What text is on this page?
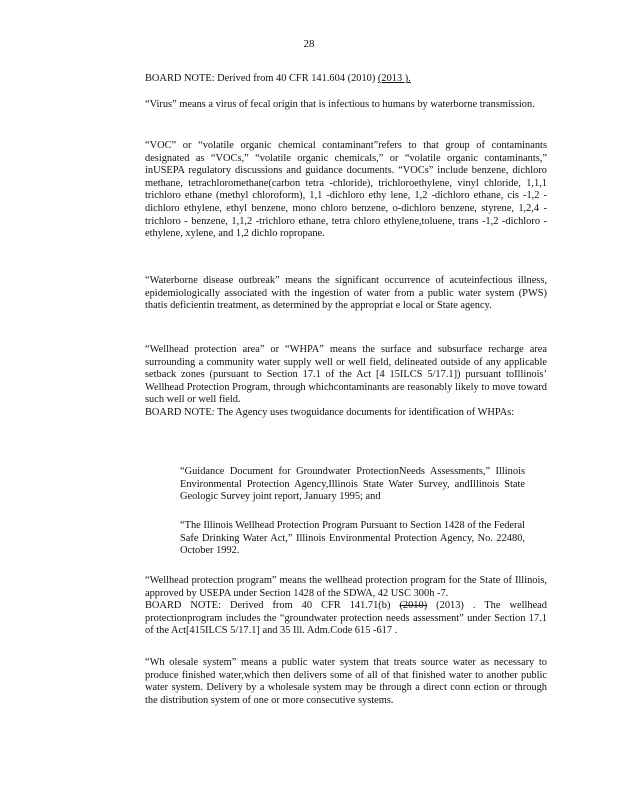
28

BOARD NOTE: Derived from 40 CFR 141.604 (2010) (2013 ).

“Virus” means a virus of fecal origin that is infectious to humans by waterborne transmission.

“VOC” or “volatile organic chemical contaminant”refers to that group of contaminants designated as “VOCs,” “volatile organic chemicals,” or “volatile organic contaminants,” inUSEPA regulatory discussions and guidance documents. “VOCs” include benzene, dichloro methane, tetrachloromethane(carbon tetra -chloride), trichloroethylene, vinyl chloride, 1,1,1 trichloro ethane (methyl chloroform), 1,1 -dichloro ethy lene, 1,2 -dichloro ethane, cis -1,2 -dichloro ethylene, ethyl benzene, mono chloro benzene, o-dichloro benzene, styrene, 1,2,4 -trichloro - benzene, 1,1,2 -trichloro ethane, tetra chloro ethylene,toluene, trans -1,2 -dichloro - ethylene, xylene, and 1,2 dichlo ropropane.

“Waterborne disease outbreak” means the significant occurrence of acuteinfectious illness, epidemiologically associated with the ingestion of water from a public water system (PWS) thatis deficientin treatment, as determined by the appropriat e local or State agency.

“Wellhead protection area” or “WHPA” means the surface and subsurface recharge area surrounding a community water supply well or well field, delineated outside of any applicable setback zones (pursuant to Section 17.1 of the Act [4 15ILCS 5/17.1]) pursuant toIllinois’ Wellhead Protection Program, through whichcontaminants are reasonably likely to move toward such well or well field.

BOARD NOTE: The Agency uses twoguidance documents for identification of WHPAs:

“Guidance Document for Groundwater ProtectionNeeds Assessments,” Illinois Environmental Protection Agency,Illinois State Water Survey, andIllinois State Geologic Survey joint report, January 1995; and

“The Illinois Wellhead Protection Program Pursuant to Section 1428 of the Federal Safe Drinking Water Act,” Illinois Environmental Protection Agency, No. 22480, October 1992.

“Wellhead protection program” means the wellhead protection program for the State of Illinois, approved by USEPA under Section 1428 of the SDWA, 42 USC 300h -7.

BOARD NOTE: Derived from 40 CFR 141.71(b) (2010) (2013) . The wellhead protectionprogram includes the “groundwater protection needs assessment” under Section 17.1 of the Act[415ILCS 5/17.1] and 35 Ill. Adm.Code 615 -617 .

“Wh olesale system” means a public water system that treats source water as necessary to produce finished water,which then delivers some of all of that finished water to another public water system. Delivery by a wholesale system may be through a direct conn ection or through the distribution system of one or more consecutive systems.
